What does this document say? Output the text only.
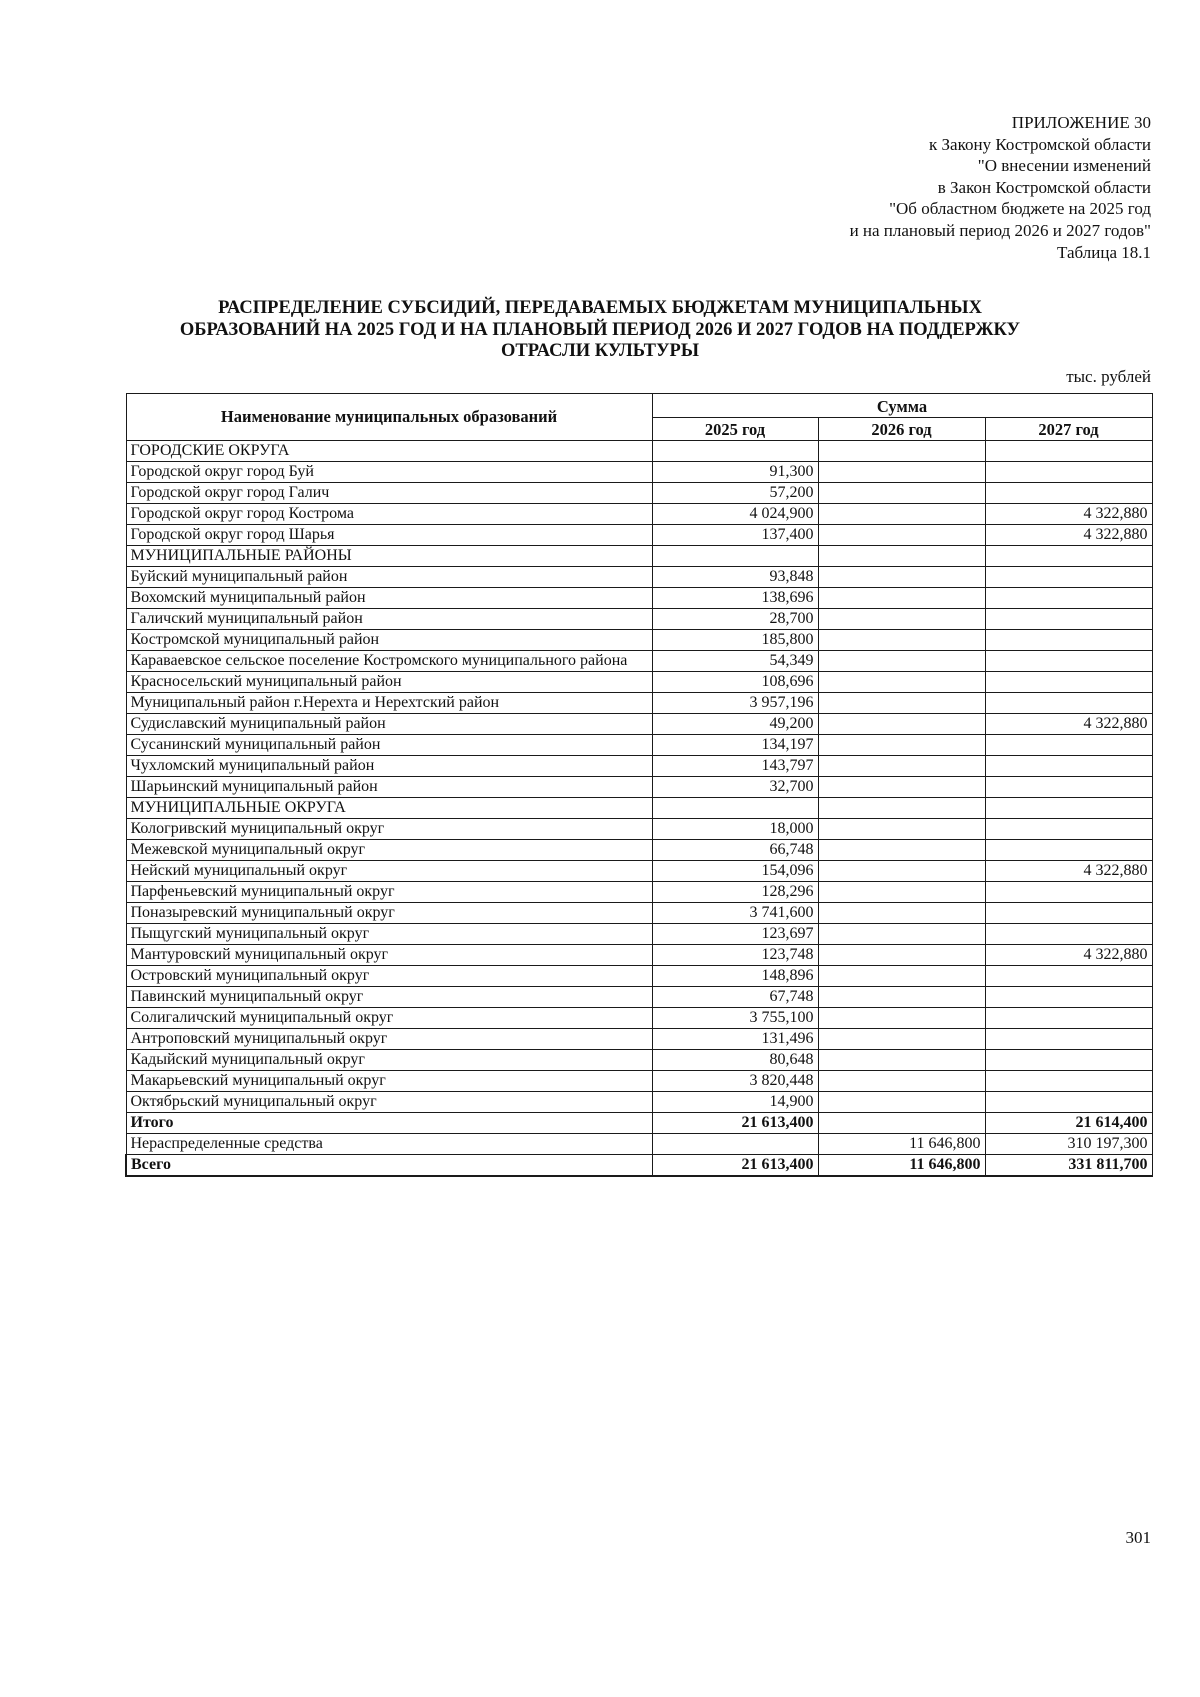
ПРИЛОЖЕНИЕ 30
к Закону Костромской области
"О внесении изменений
в Закон Костромской области
"Об областном бюджете на 2025 год
и на плановый период 2026 и 2027 годов"
Таблица 18.1
РАСПРЕДЕЛЕНИЕ СУБСИДИЙ, ПЕРЕДАВАЕМЫХ БЮДЖЕТАМ МУНИЦИПАЛЬНЫХ
ОБРАЗОВАНИЙ НА 2025 ГОД И НА ПЛАНОВЫЙ ПЕРИОД 2026 И 2027 ГОДОВ НА ПОДДЕРЖКУ
ОТРАСЛИ КУЛЬТУРЫ
тыс. рублей
Наименование муниципальных образований	Сумма		
	2025 год	2026 год	2027 год
ГОРОДСКИЕ ОКРУГА			
Городской округ город Буй	91,300		
Городской округ город Галич	57,200		
Городской округ город Кострома	4 024,900		4 322,880
Городской округ город Шарья	137,400		4 322,880
МУНИЦИПАЛЬНЫЕ РАЙОНЫ			
Буйский муниципальный район	93,848		
Вохомский муниципальный район	138,696		
Галичский муниципальный район	28,700		
Костромской муниципальный район	185,800		
Караваевское сельское поселение Костромского муниципального района	54,349		
Красносельский муниципальный район	108,696		
Муниципальный район г.Нерехта и Нерехтский район	3 957,196		
Судиславский муниципальный район	49,200		4 322,880
Сусанинский муниципальный район	134,197		
Чухломский муниципальный район	143,797		
Шарьинский муниципальный район	32,700		
МУНИЦИПАЛЬНЫЕ ОКРУГА			
Кологривский муниципальный округ	18,000		
Межевской муниципальный округ	66,748		
Нейский муниципальный округ	154,096		4 322,880
Парфеньевский муниципальный округ	128,296		
Поназыревский муниципальный округ	3 741,600		
Пыщугский муниципальный округ	123,697		
Мантуровский муниципальный округ	123,748		4 322,880
Островский муниципальный округ	148,896		
Павинский муниципальный округ	67,748		
Солигаличский муниципальный округ	3 755,100		
Антроповский муниципальный округ	131,496		
Кадыйский муниципальный округ	80,648		
Макарьевский муниципальный округ	3 820,448		
Октябрьский муниципальный округ	14,900		
Итого	21 613,400		21 614,400
Нераспределенные средства		11 646,800	310 197,300
Всего	21 613,400	11 646,800	331 811,700
301
